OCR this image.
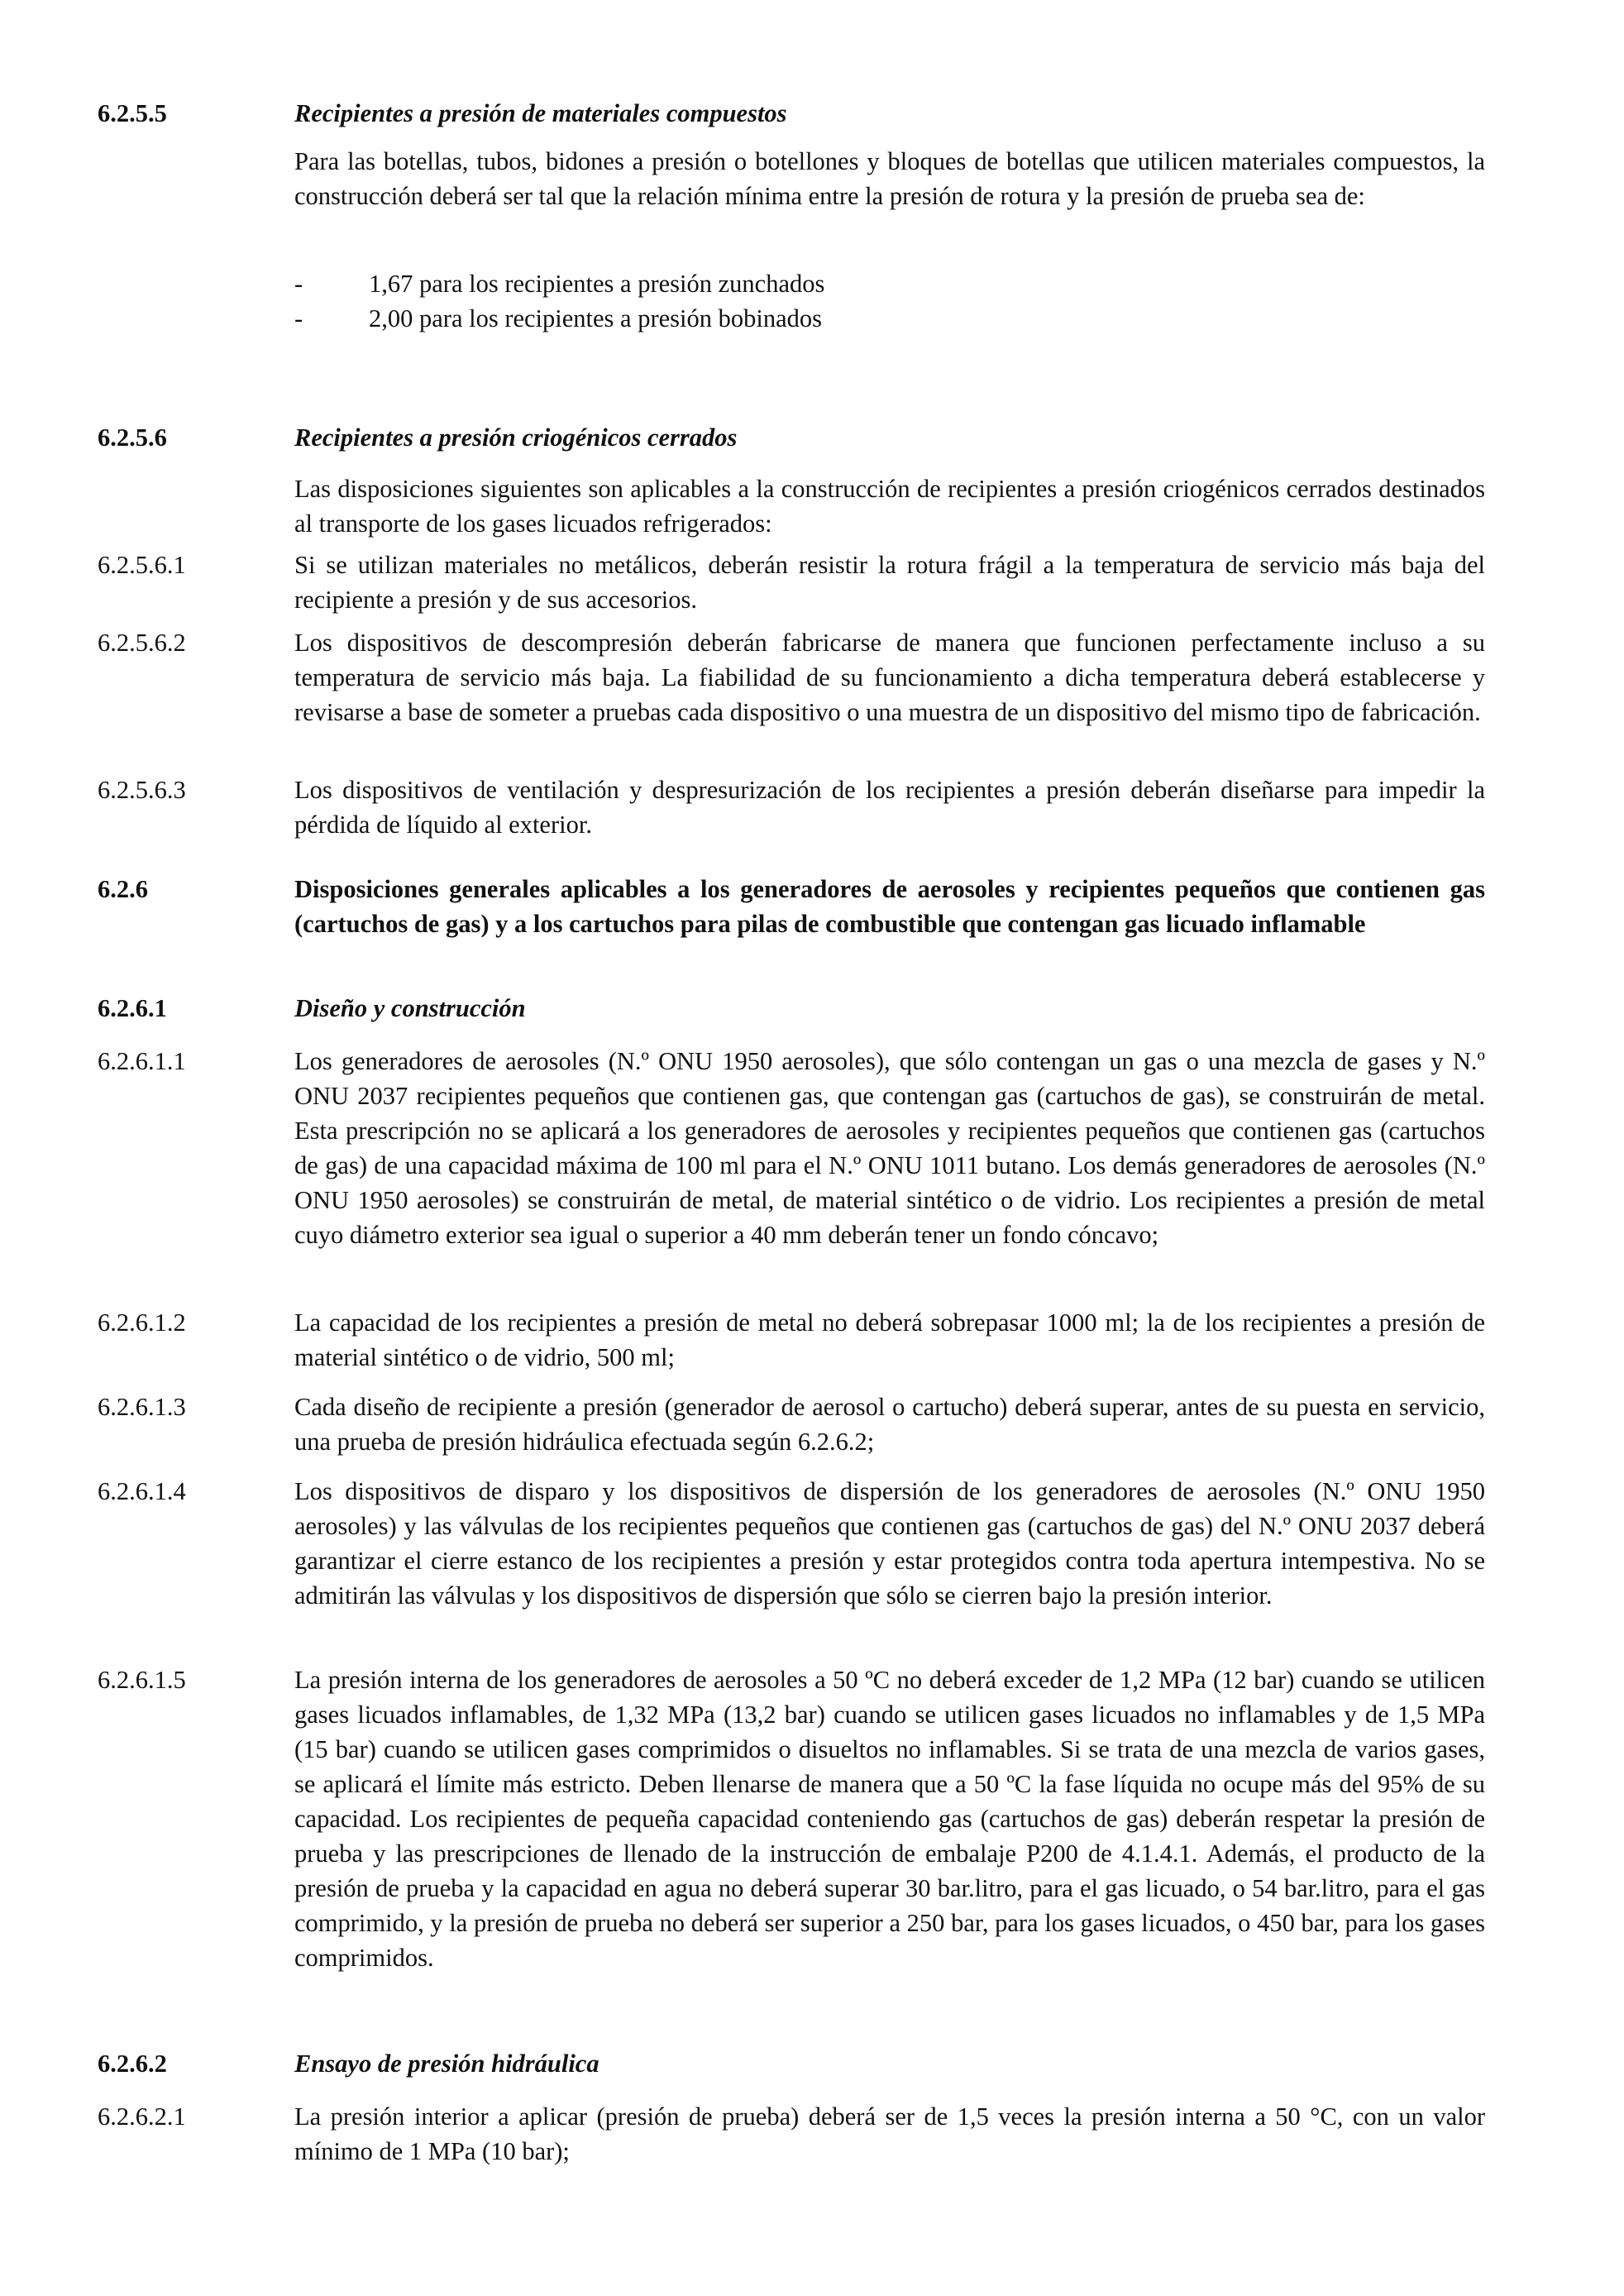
6.2.5.5	Recipientes a presión de materiales compuestos
Para las botellas, tubos, bidones a presión o botellones y bloques de botellas que utilicen materiales compuestos, la construcción deberá ser tal que la relación mínima entre la presión de rotura y la presión de prueba sea de:
-	1,67 para los recipientes a presión zunchados
-	2,00 para los recipientes a presión bobinados
6.2.5.6	Recipientes a presión criogénicos cerrados
Las disposiciones siguientes son aplicables a la construcción de recipientes a presión criogénicos cerrados destinados al transporte de los gases licuados refrigerados:
6.2.5.6.1	Si se utilizan materiales no metálicos, deberán resistir la rotura frágil a la temperatura de servicio más baja del recipiente a presión y de sus accesorios.
6.2.5.6.2	Los dispositivos de descompresión deberán fabricarse de manera que funcionen perfectamente incluso a su temperatura de servicio más baja. La fiabilidad de su funcionamiento a dicha temperatura deberá establecerse y revisarse a base de someter a pruebas cada dispositivo o una muestra de un dispositivo del mismo tipo de fabricación.
6.2.5.6.3	Los dispositivos de ventilación y despresurización de los recipientes a presión deberán diseñarse para impedir la pérdida de líquido al exterior.
6.2.6	Disposiciones generales aplicables a los generadores de aerosoles y recipientes pequeños que contienen gas (cartuchos de gas) y a los cartuchos para pilas de combustible que contengan gas licuado inflamable
6.2.6.1	Diseño y construcción
6.2.6.1.1	Los generadores de aerosoles (N.º ONU 1950 aerosoles), que sólo contengan un gas o una mezcla de gases y N.º ONU 2037 recipientes pequeños que contienen gas, que contengan gas (cartuchos de gas), se construirán de metal. Esta prescripción no se aplicará a los generadores de aerosoles y recipientes pequeños que contienen gas (cartuchos de gas) de una capacidad máxima de 100 ml para el N.º ONU 1011 butano. Los demás generadores de aerosoles (N.º ONU 1950 aerosoles) se construirán de metal, de material sintético o de vidrio. Los recipientes a presión de metal cuyo diámetro exterior sea igual o superior a 40 mm deberán tener un fondo cóncavo;
6.2.6.1.2	La capacidad de los recipientes a presión de metal no deberá sobrepasar 1000 ml; la de los recipientes a presión de material sintético o de vidrio, 500 ml;
6.2.6.1.3	Cada diseño de recipiente a presión (generador de aerosol o cartucho) deberá superar, antes de su puesta en servicio, una prueba de presión hidráulica efectuada según 6.2.6.2;
6.2.6.1.4	Los dispositivos de disparo y los dispositivos de dispersión de los generadores de aerosoles (N.º ONU 1950 aerosoles) y las válvulas de los recipientes pequeños que contienen gas (cartuchos de gas) del N.º ONU 2037 deberá garantizar el cierre estanco de los recipientes a presión y estar protegidos contra toda apertura intempestiva. No se admitirán las válvulas y los dispositivos de dispersión que sólo se cierren bajo la presión interior.
6.2.6.1.5	La presión interna de los generadores de aerosoles a 50 ºC no deberá exceder de 1,2 MPa (12 bar) cuando se utilicen gases licuados inflamables, de 1,32 MPa (13,2 bar) cuando se utilicen gases licuados no inflamables y de 1,5 MPa (15 bar) cuando se utilicen gases comprimidos o disueltos no inflamables. Si se trata de una mezcla de varios gases, se aplicará el límite más estricto. Deben llenarse de manera que a 50 ºC la fase líquida no ocupe más del 95% de su capacidad. Los recipientes de pequeña capacidad conteniendo gas (cartuchos de gas) deberán respetar la presión de prueba y las prescripciones de llenado de la instrucción de embalaje P200 de 4.1.4.1. Además, el producto de la presión de prueba y la capacidad en agua no deberá superar 30 bar.litro, para el gas licuado, o 54 bar.litro, para el gas comprimido, y la presión de prueba no deberá ser superior a 250 bar, para los gases licuados, o 450 bar, para los gases comprimidos.
6.2.6.2	Ensayo de presión hidráulica
6.2.6.2.1	La presión interior a aplicar (presión de prueba) deberá ser de 1,5 veces la presión interna a 50 °C, con un valor mínimo de 1 MPa (10 bar);
